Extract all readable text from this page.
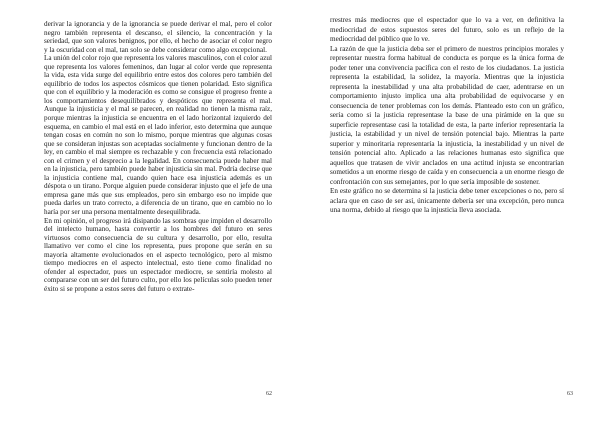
derivar la ignorancia y de la ignorancia se puede derivar el mal, pero el color negro también representa el descanso, el silencio, la concentración y la seriedad, que son valores benignos, por ello, el hecho de asociar el color negro y la oscuridad con el mal, tan solo se debe considerar como algo excepcional.

La unión del color rojo que representa los valores masculinos, con el color azul que representa los valores femeninos, dan lugar al color verde que representa la vida, esta vida surge del equilibrio entre estos dos colores pero también del equilibrio de todos los aspectos cósmicos que tienen polaridad. Esto significa que con el equilibrio y la moderación es como se consigue el progreso frente a los comportamientos desequilibrados y despóticos que representa el mal. Aunque la injusticia y el mal se parecen, en realidad no tienen la misma raíz, porque mientras la injusticia se encuentra en el lado horizontal izquierdo del esquema, en cambio el mal está en el lado inferior, esto determina que aunque tengan cosas en común no son lo mismo, porque mientras que algunas cosas que se consideran injustas son aceptadas socialmente y funcionan dentro de la ley, en cambio el mal siempre es rechazable y con frecuencia está relacionado con el crimen y el desprecio a la legalidad. En consecuencia puede haber mal en la injusticia, pero también puede haber injusticia sin mal. Podría decirse que la injusticia contiene mal, cuando quien hace esa injusticia además es un déspota o un tirano. Porque alguien puede considerar injusto que el jefe de una empresa gane más que sus empleados, pero sin embargo eso no impide que pueda darles un trato correcto, a diferencia de un tirano, que en cambio no lo haría por ser una persona mentalmente desequilibrada.

En mi opinión, el progreso irá disipando las sombras que impiden el desarrollo del intelecto humano, hasta convertir a los hombres del futuro en seres virtuosos como consecuencia de su cultura y desarrollo, por ello, resulta llamativo ver como el cine los representa, pues propone que serán en su mayoría altamente evolucionados en el aspecto tecnológico, pero al mismo tiempo mediocres en el aspecto intelectual, esto tiene como finalidad no ofender al espectador, pues un espectador mediocre, se sentiría molesto al compararse con un ser del futuro culto, por ello los películas solo pueden tener éxito si se propone a estos seres del futuro o extrate-

62

rrestres más mediocres que el espectador que lo va a ver, en definitiva la mediocridad de estos supuestos seres del futuro, solo es un reflejo de la mediocridad del público que lo ve.

La razón de que la justicia deba ser el primero de nuestros principios morales y representar nuestra forma habitual de conducta es porque es la única forma de poder tener una convivencia pacífica con el resto de los ciudadanos. La justicia representa la estabilidad, la solidez, la mayoría. Mientras que la injusticia representa la inestabilidad y una alta probabilidad de caer, adentrarse en un comportamiento injusto implica una alta probabilidad de equivocarse y en consecuencia de tener problemas con los demás. Planteado esto con un gráfico, sería como si la justicia representase la base de una pirámide en la que su superficie representase casi la totalidad de esta, la parte inferior representaría la justicia, la estabilidad y un nivel de tensión potencial bajo. Mientras la parte superior y minoritaria representaría la injusticia, la inestabilidad y un nivel de tensión potencial alto. Aplicado a las relaciones humanas esto significa que aquellos que tratasen de vivir anclados en una actitud injusta se encontrarían sometidos a un enorme riesgo de caída y en consecuencia a un enorme riesgo de confrontación con sus semejantes, por lo que sería imposible de sostener.

En este gráfico no se determina si la justicia debe tener excepciones o no, pero sí aclara que en caso de ser así, únicamente debería ser una excepción, pero nunca una norma, debido al riesgo que la injusticia lleva asociada.

63
